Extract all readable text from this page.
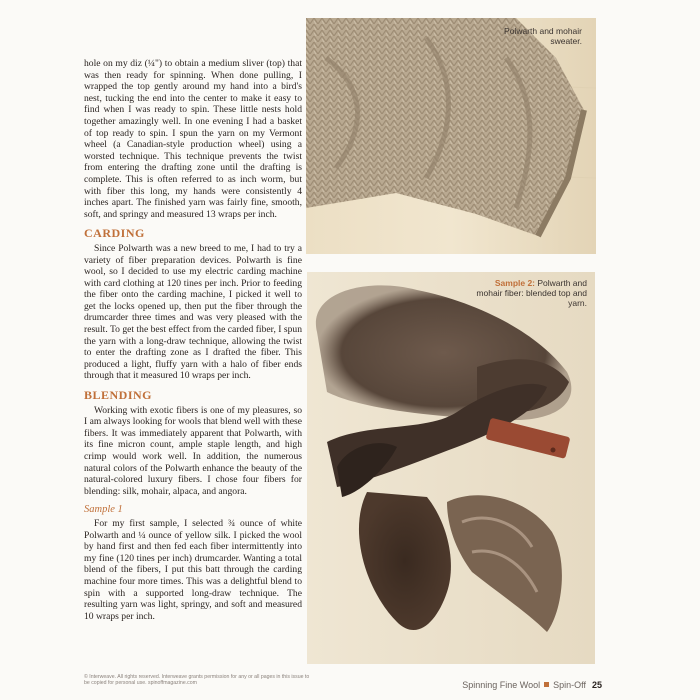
hole on my diz (¼") to obtain a medium sliver (top) that was then ready for spinning. When done pulling, I wrapped the top gently around my hand into a bird's nest, tucking the end into the center to make it easy to find when I was ready to spin. These little nests hold together amazingly well. In one evening I had a basket of top ready to spin. I spun the yarn on my Vermont wheel (a Canadian-style production wheel) using a worsted technique. This technique prevents the twist from entering the drafting zone until the drafting is complete. This is often referred to as inch worm, but with fiber this long, my hands were consistently 4 inches apart. The finished yarn was fairly fine, smooth, soft, and springy and measured 13 wraps per inch.

CARDING

Since Polwarth was a new breed to me, I had to try a variety of fiber preparation devices. Polwarth is fine wool, so I decided to use my electric carding machine with card clothing at 120 tines per inch. Prior to feeding the fiber onto the carding machine, I picked it well to get the locks opened up, then put the fiber through the drumcarder three times and was very pleased with the result. To get the best effect from the carded fiber, I spun the yarn with a long-draw technique, allowing the twist to enter the drafting zone as I drafted the fiber. This produced a light, fluffy yarn with a halo of fiber ends through that it measured 10 wraps per inch.

BLENDING

Working with exotic fibers is one of my pleasures, so I am always looking for wools that blend well with these fibers. It was immediately apparent that Polwarth, with its fine micron count, ample staple length, and high crimp would work well. In addition, the numerous natural colors of the Polwarth enhance the beauty of the natural-colored luxury fibers. I chose four fibers for blending: silk, mohair, alpaca, and angora.

Sample 1

For my first sample, I selected ¾ ounce of white Polwarth and ¼ ounce of yellow silk. I picked the wool by hand first and then fed each fiber intermittently into my fine (120 tines per inch) drumcarder. Wanting a total blend of the fibers, I put this batt through the carding machine four more times. This was a delightful blend to spin with a supported long-draw technique. The resulting yarn was light, springy, and soft and measured 10 wraps per inch.

Polwarth and mohair sweater.
Sample 2: Polwarth and mohair fiber: blended top and yarn.
© Interweave. All rights reserved. Interweave grants permission for any or all pages in this issue to be copied for personal use. spinoffmagazine.com	Spinning Fine Wool Spin-Off 25
